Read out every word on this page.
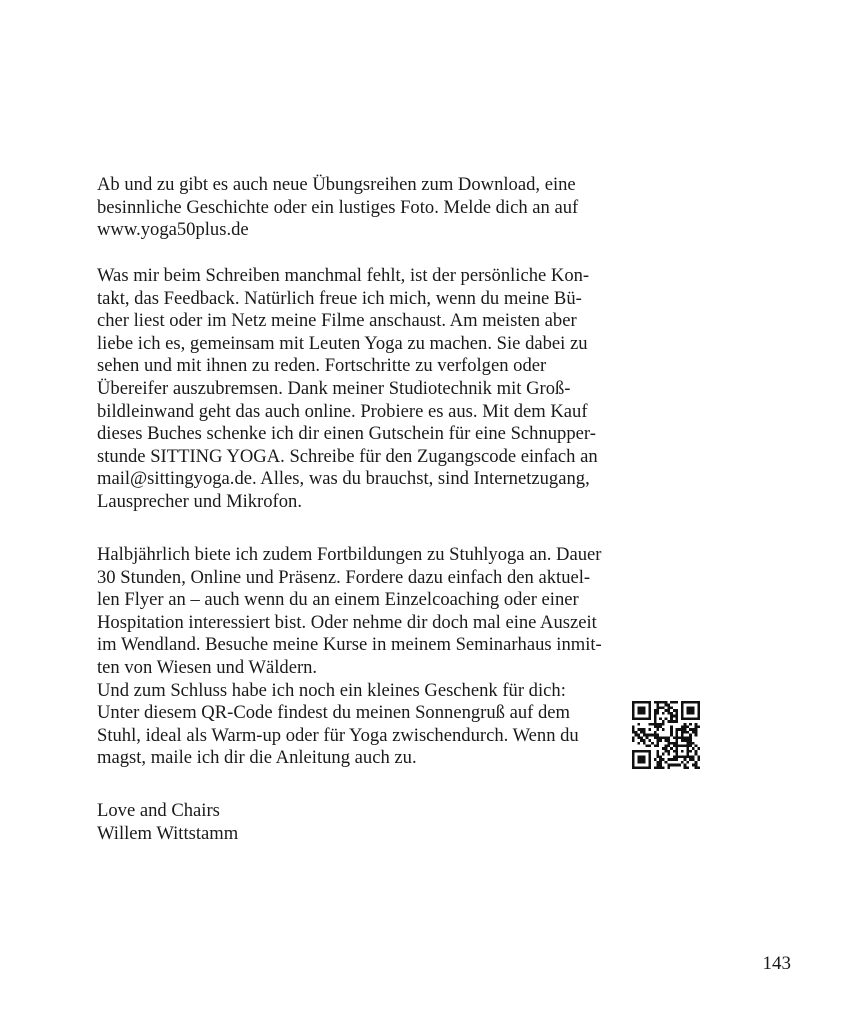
Ab und zu gibt es auch neue Übungsreihen zum Download, eine
besinnliche Geschichte oder ein lustiges Foto. Melde dich an auf
www.yoga50plus.de
Was mir beim Schreiben manchmal fehlt, ist der persönliche Kon-
takt, das Feedback. Natürlich freue ich mich, wenn du meine Bü-
cher liest oder im Netz meine Filme anschaust. Am meisten aber
liebe ich es, gemeinsam mit Leuten Yoga zu machen. Sie dabei zu
sehen und mit ihnen zu reden. Fortschritte zu verfolgen oder
Übereifer auszubremsen. Dank meiner Studiotechnik mit Groß-
bildleinwand geht das auch online. Probiere es aus. Mit dem Kauf
dieses Buches schenke ich dir einen Gutschein für eine Schnupper-
stunde SITTING YOGA. Schreibe für den Zugangscode einfach an
mail@sittingyoga.de. Alles, was du brauchst, sind Internetzugang,
Lausprecher und Mikrofon.
Halbjährlich biete ich zudem Fortbildungen zu Stuhlyoga an. Dauer
30 Stunden, Online und Präsenz. Fordere dazu einfach den aktuel-
len Flyer an – auch wenn du an einem Einzelcoaching oder einer
Hospitation interessiert bist. Oder nehme dir doch mal eine Auszeit
im Wendland. Besuche meine Kurse in meinem Seminarhaus inmit-
ten von Wiesen und Wäldern.
Und zum Schluss habe ich noch ein kleines Geschenk für dich:
Unter diesem QR-Code findest du meinen Sonnengruß auf dem
Stuhl, ideal als Warm-up oder für Yoga zwischendurch. Wenn du
magst, maile ich dir die Anleitung auch zu.
Love and Chairs
Willem Wittstamm
143
